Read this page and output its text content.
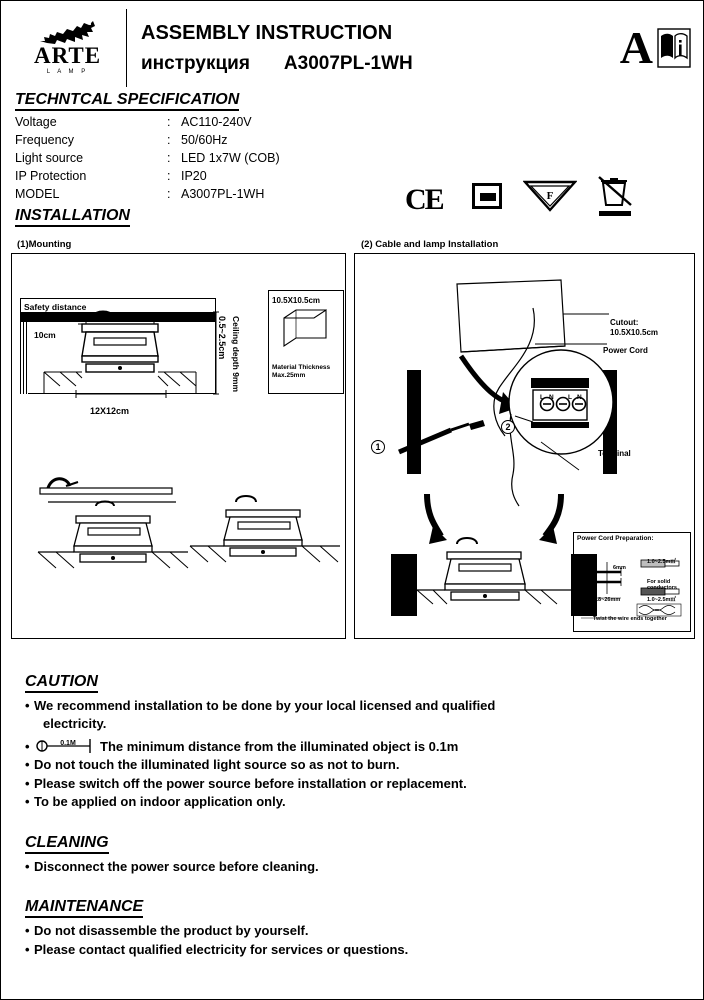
ARTE
L A M P
ASSEMBLY INSTRUCTION
инструкция A3007PL-1WH	A
TECHNTCAL SPECIFICATION
Voltage	: AC110-240V
Frequency	: 50/60Hz
Light source	: LED 1x7W (COB)
IP Protection	: IP20
MODEL	: A3007PL-1WH	CE	F
INSTALLATION
(1)Mounting	(2) Cable and lamp Installation
Safety distance
10cm
12X12cm
0.5~2.5cm Ceiling depth 9mm
10.5X10.5cm
Material Thickness Max.25mm
Cutout:
10.5X10.5cm
Power Cord
Terminal
1
2
L N L N
Power Cord Preparation:
1.0~2.5m㎡
For solid conductors
1.0~2.5m㎡
6mm
18~26mm
Twist the wire ends together
CAUTION
• We recommend installation to be done by your local licensed and qualified
electricity.
•	0.1M The minimum distance from the illuminated object is 0.1m
• Do not touch the illuminated light source so as not to burn.
• Please switch off the power source before installation or replacement.
• To be applied on indoor application only.
CLEANING
• Disconnect the power source before cleaning.
MAINTENANCE
• Do not disassemble the product by yourself.
• Please contact qualified electricity for services or questions.
